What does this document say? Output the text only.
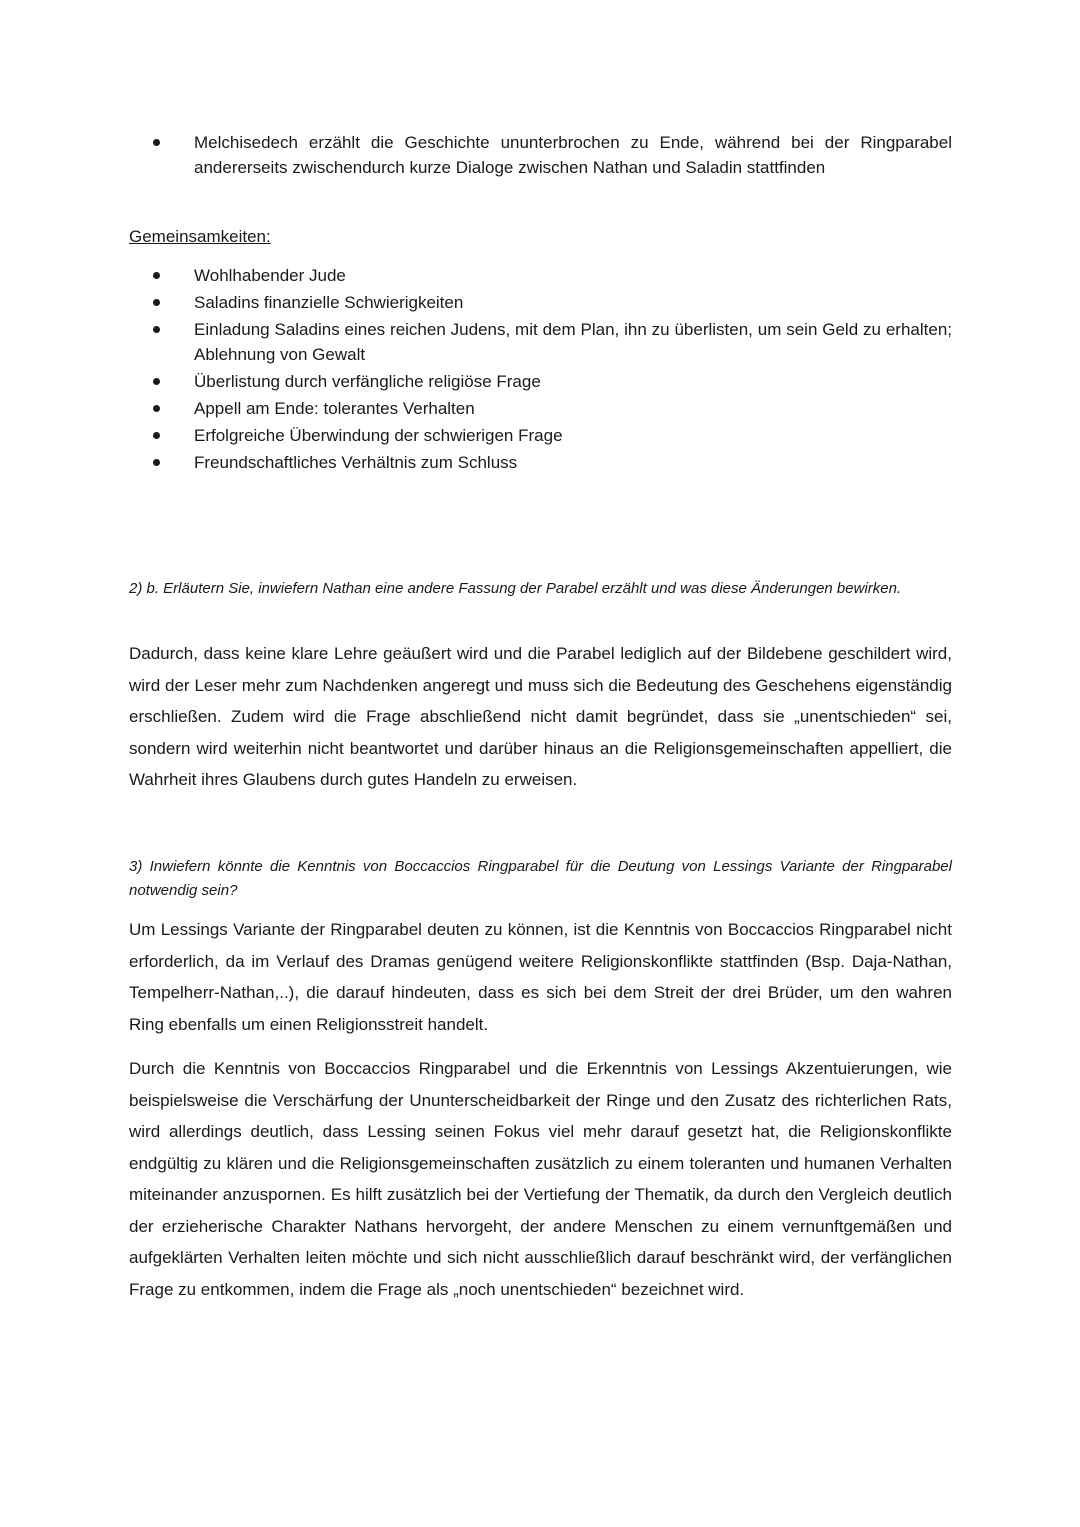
Melchisedech erzählt die Geschichte ununterbrochen zu Ende, während bei der Ringparabel andererseits zwischendurch kurze Dialoge zwischen Nathan und Saladin stattfinden
Gemeinsamkeiten:
Wohlhabender Jude
Saladins finanzielle Schwierigkeiten
Einladung Saladins eines reichen Judens, mit dem Plan, ihn zu überlisten, um sein Geld zu erhalten; Ablehnung von Gewalt
Überlistung durch verfängliche religiöse Frage
Appell am Ende: tolerantes Verhalten
Erfolgreiche Überwindung der schwierigen Frage
Freundschaftliches Verhältnis zum Schluss

2) b. Erläutern Sie, inwiefern Nathan eine andere Fassung der Parabel erzählt und was diese Änderungen bewirken.

Dadurch, dass keine klare Lehre geäußert wird und die Parabel lediglich auf der Bildebene geschildert wird, wird der Leser mehr zum Nachdenken angeregt und muss sich die Bedeutung des Geschehens eigenständig erschließen. Zudem wird die Frage abschließend nicht damit begründet, dass sie „unentschieden“ sei, sondern wird weiterhin nicht beantwortet und darüber hinaus an die Religionsgemeinschaften appelliert, die Wahrheit ihres Glaubens durch gutes Handeln zu erweisen.

3) Inwiefern könnte die Kenntnis von Boccaccios Ringparabel für die Deutung von Lessings Variante der Ringparabel notwendig sein?

Um Lessings Variante der Ringparabel deuten zu können, ist die Kenntnis von Boccaccios Ringparabel nicht erforderlich, da im Verlauf des Dramas genügend weitere Religionskonflikte stattfinden (Bsp. Daja-Nathan, Tempelherr-Nathan,..), die darauf hindeuten, dass es sich bei dem Streit der drei Brüder, um den wahren Ring ebenfalls um einen Religionsstreit handelt.

Durch die Kenntnis von Boccaccios Ringparabel und die Erkenntnis von Lessings Akzentuierungen, wie beispielsweise die Verschärfung der Ununterscheidbarkeit der Ringe und den Zusatz des richterlichen Rats, wird allerdings deutlich, dass Lessing seinen Fokus viel mehr darauf gesetzt hat, die Religionskonflikte endgültig zu klären und die Religionsgemeinschaften zusätzlich zu einem toleranten und humanen Verhalten miteinander anzuspornen. Es hilft zusätzlich bei der Vertiefung der Thematik, da durch den Vergleich deutlich der erzieherische Charakter Nathans hervorgeht, der andere Menschen zu einem vernunftgemäßen und aufgeklärten Verhalten leiten möchte und sich nicht ausschließlich darauf beschränkt wird, der verfänglichen Frage zu entkommen, indem die Frage als „noch unentschieden“ bezeichnet wird.
